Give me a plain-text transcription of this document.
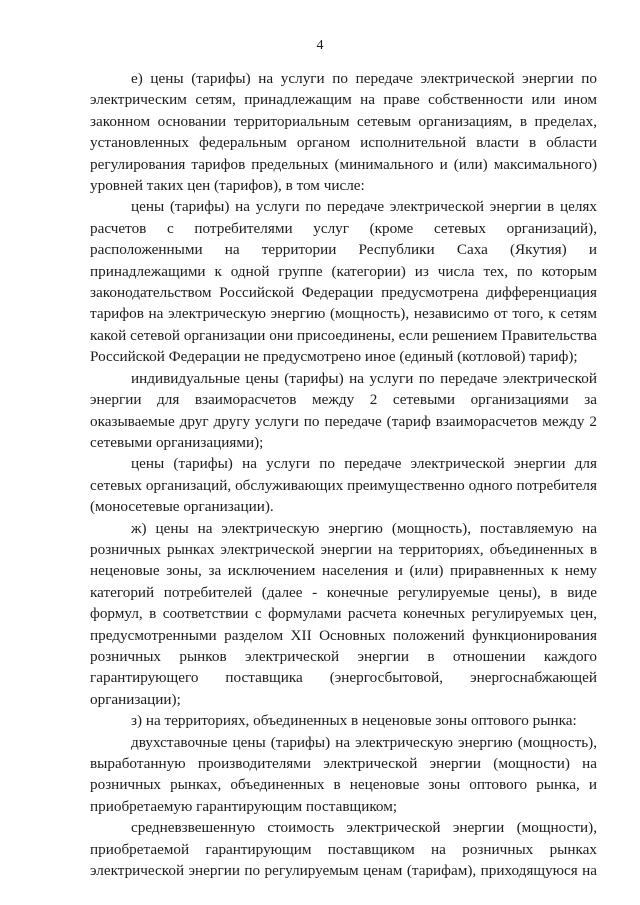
4

е) цены (тарифы) на услуги по передаче электрической энергии по электрическим сетям, принадлежащим на праве собственности или ином законном основании территориальным сетевым организациям, в пределах, установленных федеральным органом исполнительной власти в области регулирования тарифов предельных (минимального и (или) максимального) уровней таких цен (тарифов), в том числе:

цены (тарифы) на услуги по передаче электрической энергии в целях расчетов с потребителями услуг (кроме сетевых организаций), расположенными на территории Республики Саха (Якутия) и принадлежащими к одной группе (категории) из числа тех, по которым законодательством Российской Федерации предусмотрена дифференциация тарифов на электрическую энергию (мощность), независимо от того, к сетям какой сетевой организации они присоединены, если решением Правительства Российской Федерации не предусмотрено иное (единый (котловой) тариф);

индивидуальные цены (тарифы) на услуги по передаче электрической энергии для взаиморасчетов между 2 сетевыми организациями за оказываемые друг другу услуги по передаче (тариф взаиморасчетов между 2 сетевыми организациями);

цены (тарифы) на услуги по передаче электрической энергии для сетевых организаций, обслуживающих преимущественно одного потребителя (моносетевые организации).

ж) цены на электрическую энергию (мощность), поставляемую на розничных рынках электрической энергии на территориях, объединенных в неценовые зоны, за исключением населения и (или) приравненных к нему категорий потребителей (далее - конечные регулируемые цены), в виде формул, в соответствии с формулами расчета конечных регулируемых цен, предусмотренными разделом XII Основных положений функционирования розничных рынков электрической энергии в отношении каждого гарантирующего поставщика (энергосбытовой, энергоснабжающей организации);

з) на территориях, объединенных в неценовые зоны оптового рынка:

двухставочные цены (тарифы) на электрическую энергию (мощность), выработанную производителями электрической энергии (мощности) на розничных рынках, объединенных в неценовые зоны оптового рынка, и приобретаемую гарантирующим поставщиком;

средневзвешенную стоимость электрической энергии (мощности), приобретаемой гарантирующим поставщиком на розничных рынках электрической энергии по регулируемым ценам (тарифам), приходящуюся на
